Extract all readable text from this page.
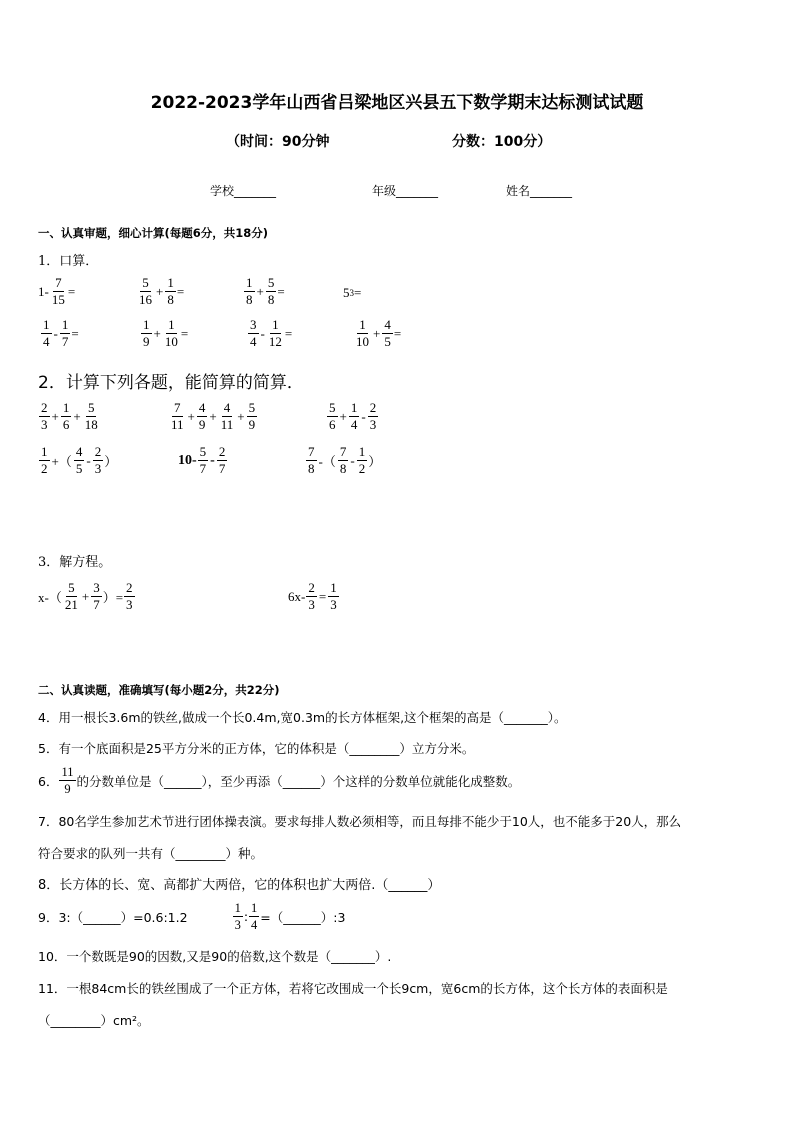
2022-2023学年山西省吕梁地区兴县五下数学期末达标测试试题
（时间：90分钟	分数：100分）
学校_______	年级_______	姓名_______
一、认真审题，细心计算(每题6分，共18分)
1．口算．
$1- \frac{7}{15}$ =	$\frac{5}{16} + \frac{1}{8}$ =	$\frac{1}{8} + \frac{5}{8}$ =	5 3 =
$\frac{1}{4} - \frac{1}{7}$ =	$\frac{1}{9} + \frac{1}{10}$ =	$\frac{3}{4} - \frac{1}{12}$ =	$\frac{1}{10} + \frac{4}{5}$ =
2．计算下列各题，能简算的简算．
$\frac{2}{3} + \frac{1}{6} + \frac{5}{18}$	$\frac{7}{11} + \frac{4}{9} + \frac{4}{11} + \frac{5}{9}$	$\frac{5}{6} + \frac{1}{4} - \frac{2}{3}$
$\frac{1}{2}$ +（ $\frac{4}{5} - \frac{2}{3}$ ）	$10- \frac{5}{7} - \frac{2}{7}$	$\frac{7}{8}$ -（ $\frac{7}{8} - \frac{1}{2}$ ）
3．解方程。
$x-( \frac{5}{21} + \frac{3}{7}$ ）= $\frac{2}{3}$	$6x- \frac{2}{3} = \frac{1}{3}$
二、认真读题，准确填写(每小题2分，共22分)
4．用一根长3.6m的铁丝,做成一个长0.4m,宽0.3m的长方体框架,这个框架的高是（_______）。
5．有一个底面积是25平方分米的正方体，它的体积是（________）立方分米。
6． $\frac{11}{9}$ 的分数单位是（______），至少再添（______）个这样的分数单位就能化成整数。
7．80名学生参加艺术节进行团体操表演。要求每排人数必须相等，而且每排不能少于10人，也不能多于20人，那么
符合要求的队列一共有（________）种。
8．长方体的长、宽、高都扩大两倍，它的体积也扩大两倍.（______）
9．3:（______）=0.6:1.2	$\frac{1}{3}$ : $\frac{1}{4}$ =（______）:3
10．一个数既是90的因数,又是90的倍数,这个数是（_______）.
11．一根84cm长的铁丝围成了一个正方体，若将它改围成一个长9cm，宽6cm的长方体，这个长方体的表面积是
（________）cm²。
